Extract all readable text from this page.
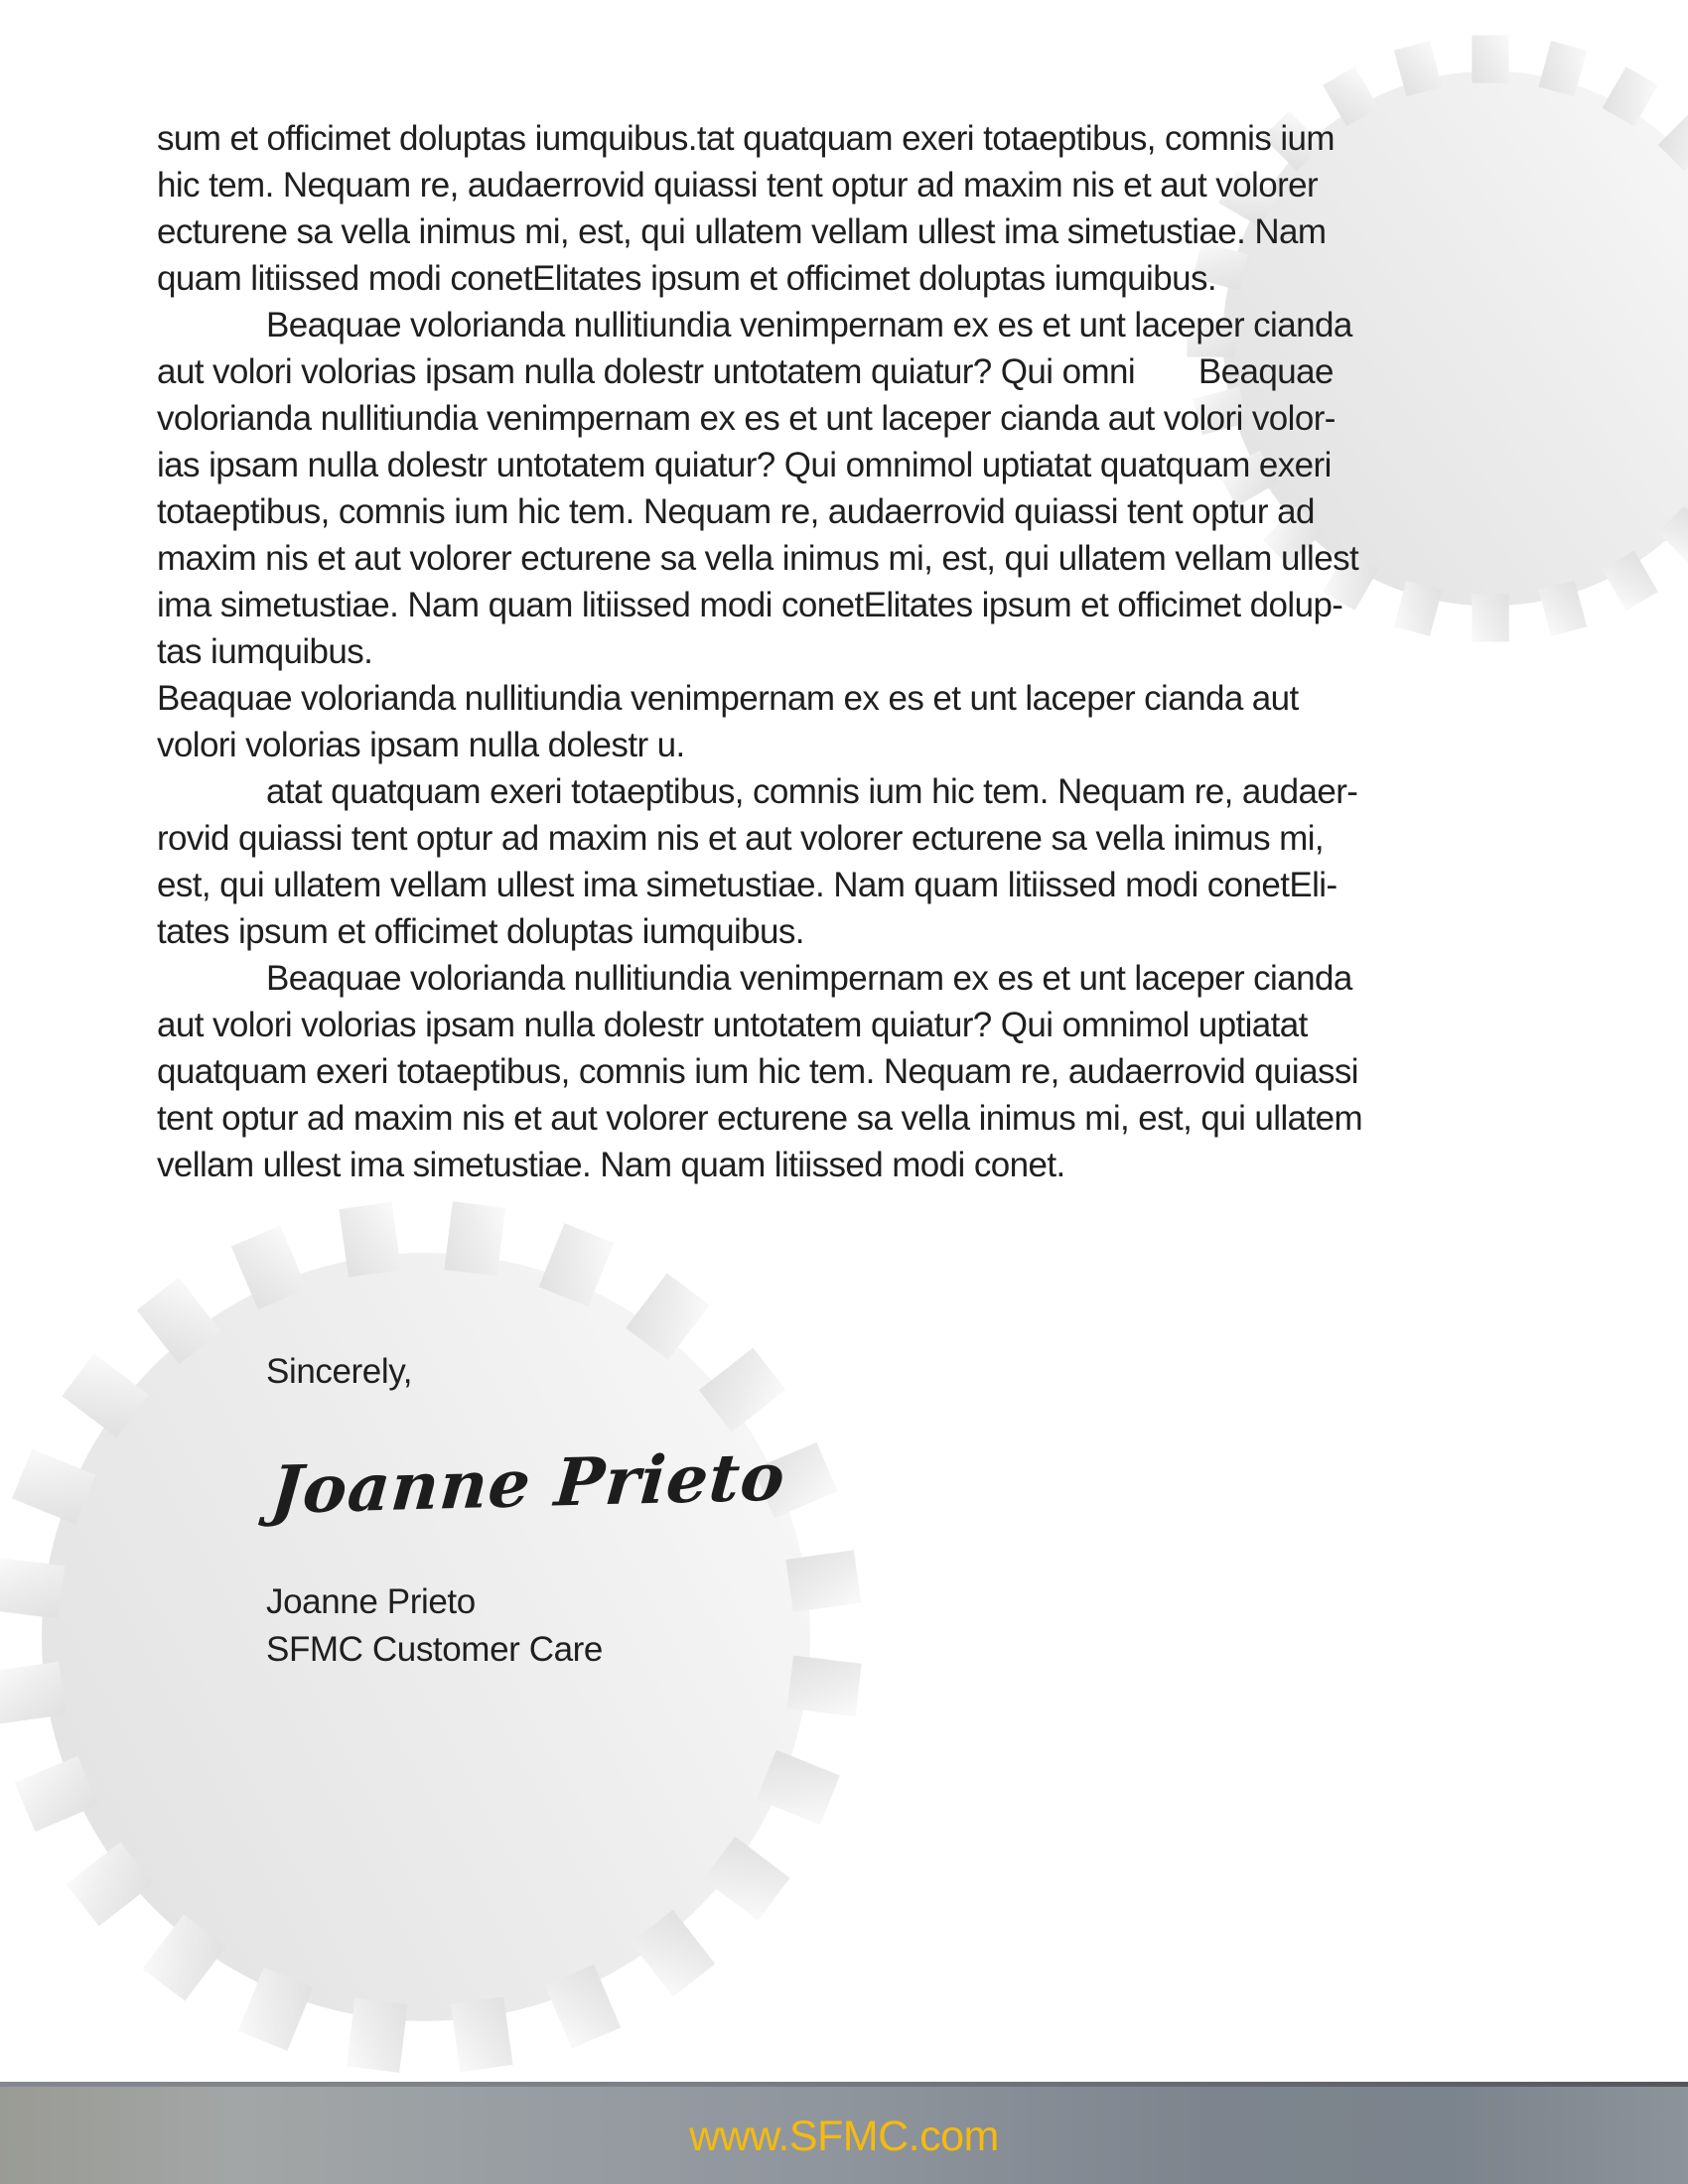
sum et officimet doluptas iumquibus.tat quatquam exeri totaeptibus, comnis ium
hic tem. Nequam re, audaerrovid quiassi tent optur ad maxim nis et aut volorer
ecturene sa vella inimus mi, est, qui ullatem vellam ullest ima simetustiae. Nam
quam litiissed modi conetElitates ipsum et officimet doluptas iumquibus.
Beaquae volorianda nullitiundia venimpernam ex es et unt laceper cianda
aut volori volorias ipsam nulla dolestr untotatem quiatur? Qui omni       Beaquae
volorianda nullitiundia venimpernam ex es et unt laceper cianda aut volori volor-
ias ipsam nulla dolestr untotatem quiatur? Qui omnimol uptiatat quatquam exeri
totaeptibus, comnis ium hic tem. Nequam re, audaerrovid quiassi tent optur ad
maxim nis et aut volorer ecturene sa vella inimus mi, est, qui ullatem vellam ullest
ima simetustiae. Nam quam litiissed modi conetElitates ipsum et officimet dolup-
tas iumquibus.
Beaquae volorianda nullitiundia venimpernam ex es et unt laceper cianda aut
volori volorias ipsam nulla dolestr u.
atat quatquam exeri totaeptibus, comnis ium hic tem. Nequam re, audaer-
rovid quiassi tent optur ad maxim nis et aut volorer ecturene sa vella inimus mi,
est, qui ullatem vellam ullest ima simetustiae. Nam quam litiissed modi conetEli-
tates ipsum et officimet doluptas iumquibus.
Beaquae volorianda nullitiundia venimpernam ex es et unt laceper cianda
aut volori volorias ipsam nulla dolestr untotatem quiatur? Qui omnimol uptiatat
quatquam exeri totaeptibus, comnis ium hic tem. Nequam re, audaerrovid quiassi
tent optur ad maxim nis et aut volorer ecturene sa vella inimus mi, est, qui ullatem
vellam ullest ima simetustiae. Nam quam litiissed modi conet.
Sincerely,
Joanne Prieto
Joanne Prieto
SFMC Customer Care
www.SFMC.com
